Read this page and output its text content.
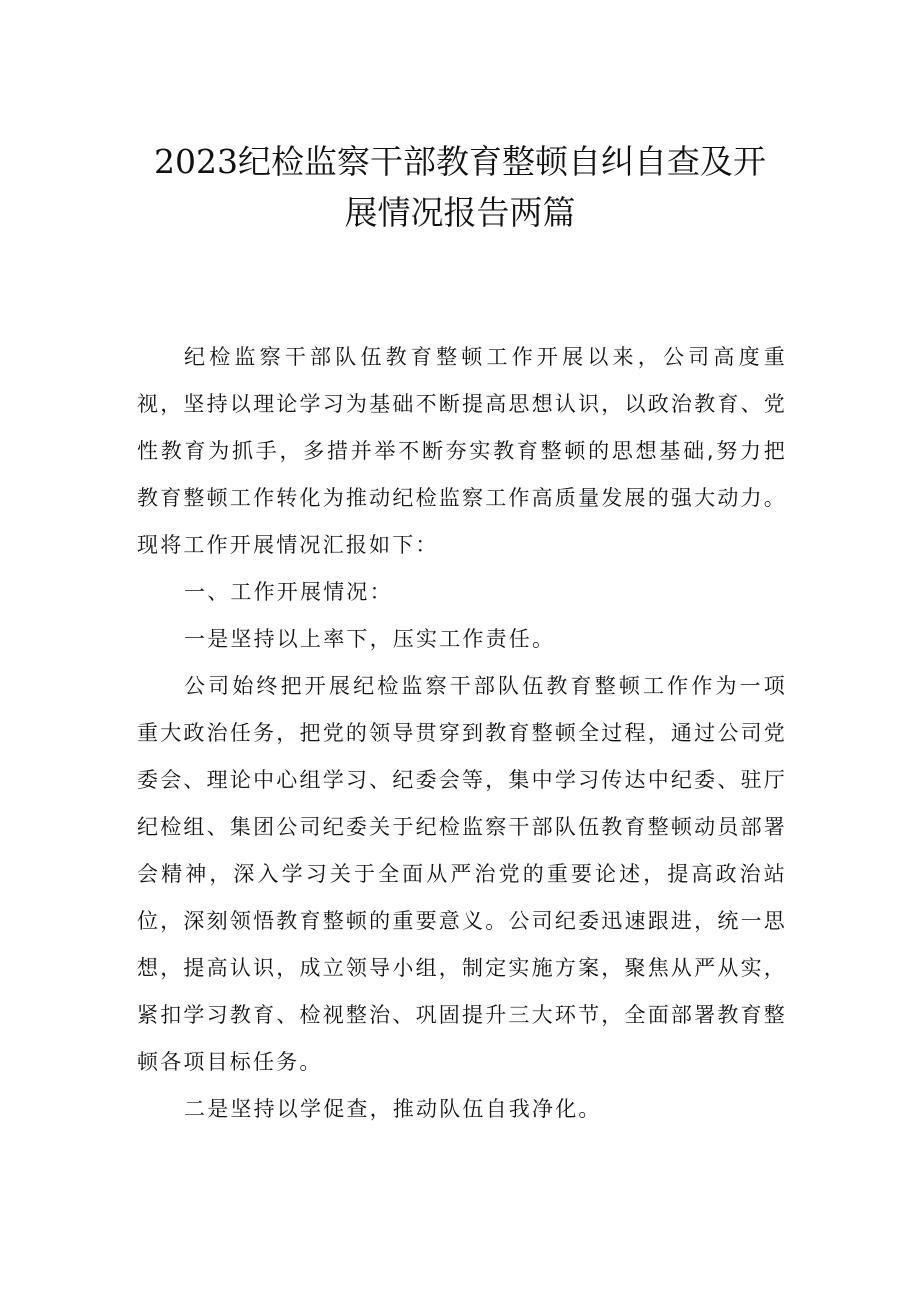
2023纪检监察干部教育整顿自纠自查及开
展情况报告两篇

纪检监察干部队伍教育整顿工作开展以来，公司高度重视，坚持以理论学习为基础不断提高思想认识，以政治教育、党性教育为抓手，多措并举不断夯实教育整顿的思想基础,努力把教育整顿工作转化为推动纪检监察工作高质量发展的强大动力。现将工作开展情况汇报如下：

一、工作开展情况：

一是坚持以上率下，压实工作责任。

公司始终把开展纪检监察干部队伍教育整顿工作作为一项重大政治任务，把党的领导贯穿到教育整顿全过程，通过公司党委会、理论中心组学习、纪委会等，集中学习传达中纪委、驻厅纪检组、集团公司纪委关于纪检监察干部队伍教育整顿动员部署会精神，深入学习关于全面从严治党的重要论述，提高政治站位，深刻领悟教育整顿的重要意义。公司纪委迅速跟进，统一思想，提高认识，成立领导小组，制定实施方案，聚焦从严从实，紧扣学习教育、检视整治、巩固提升三大环节，全面部署教育整顿各项目标任务。

二是坚持以学促查，推动队伍自我净化。
